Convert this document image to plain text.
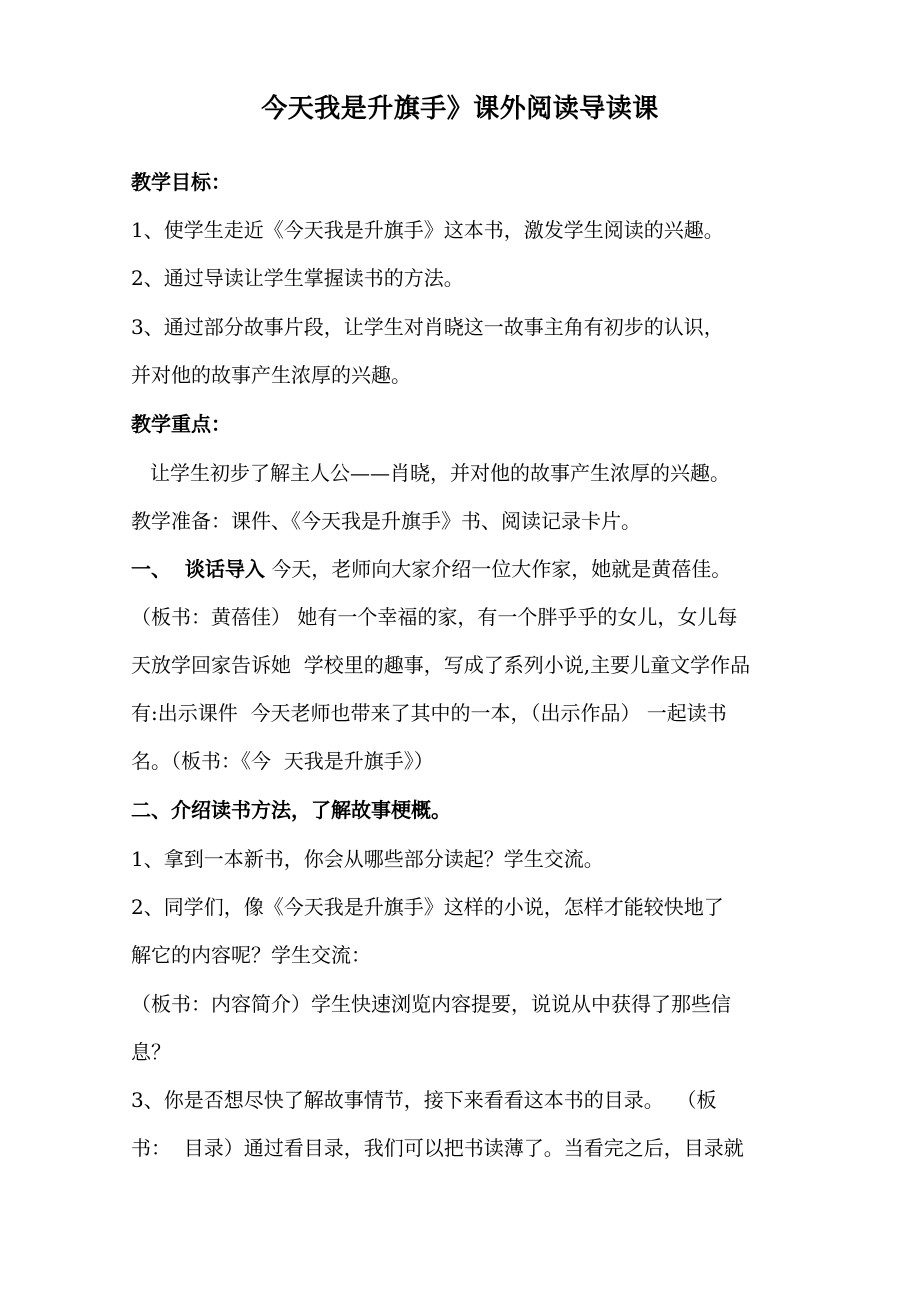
今天我是升旗手》课外阅读导读课
教学目标：
1、使学生走近《今天我是升旗手》这本书，激发学生阅读的兴趣。
2、通过导读让学生掌握读书的方法。
3、通过部分故事片段，让学生对肖晓这一故事主角有初步的认识，
并对他的故事产生浓厚的兴趣。
教学重点：
让学生初步了解主人公——肖晓，并对他的故事产生浓厚的兴趣。
教学准备：课件、《今天我是升旗手》书、阅读记录卡片。
一、  谈话导入 今天，老师向大家介绍一位大作家，她就是黄蓓佳。
（板书：黄蓓佳） 她有一个幸福的家，有一个胖乎乎的女儿，女儿每
天放学回家告诉她  学校里的趣事，写成了系列小说,主要儿童文学作品
有:出示课件  今天老师也带来了其中的一本，（出示作品） 一起读书
名。（板书：《今  天我是升旗手》）
二、介绍读书方法，了解故事梗概。
1、拿到一本新书，你会从哪些部分读起？学生交流。
2、同学们，像《今天我是升旗手》这样的小说，怎样才能较快地了
解它的内容呢？学生交流：
（板书：内容简介）学生快速浏览内容提要，说说从中获得了那些信
息？
3、你是否想尽快了解故事情节，接下来看看这本书的目录。  （板
书：  目录）通过看目录，我们可以把书读薄了。当看完之后，目录就
